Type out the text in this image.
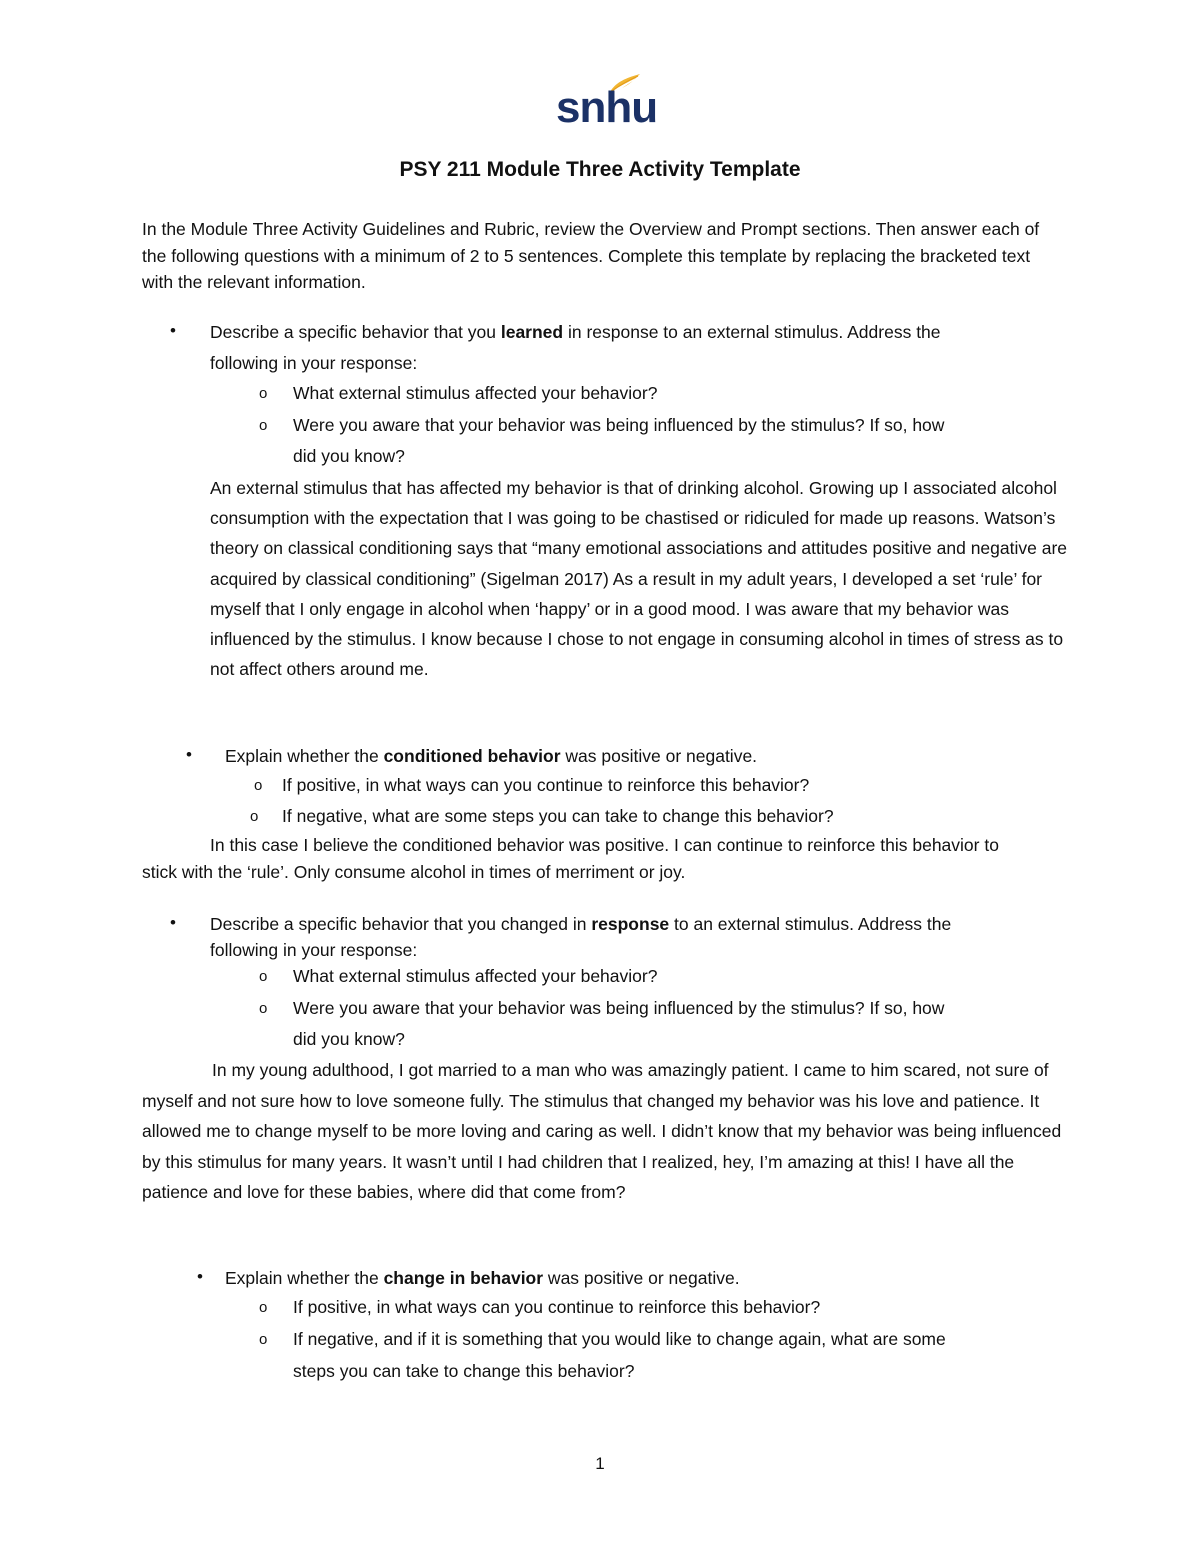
snhu
PSY 211 Module Three Activity Template

In the Module Three Activity Guidelines and Rubric, review the Overview and Prompt sections. Then answer each of the following questions with a minimum of 2 to 5 sentences. Complete this template by replacing the bracketed text with the relevant information.

• Describe a specific behavior that you learned in response to an external stimulus. Address the

following in your response:

o What external stimulus affected your behavior?

o Were you aware that your behavior was being influenced by the stimulus? If so, how

did you know?

An external stimulus that has affected my behavior is that of drinking alcohol. Growing up I associated alcohol consumption with the expectation that I was going to be chastised or ridiculed for made up reasons. Watson’s theory on classical conditioning says that “many emotional associations and attitudes positive and negative are acquired by classical conditioning” (Sigelman 2017) As a result in my adult years, I developed a set ‘rule’ for myself that I only engage in alcohol when ‘happy’ or in a good mood. I was aware that my behavior was influenced by the stimulus. I know because I chose to not engage in consuming alcohol in times of stress as to not affect others around me.

• Explain whether the conditioned behavior was positive or negative.

o If positive, in what ways can you continue to reinforce this behavior?

o If negative, what are some steps you can take to change this behavior?

In this case I believe the conditioned behavior was positive. I can continue to reinforce this behavior to stick with the ‘rule’. Only consume alcohol in times of merriment or joy.

• Describe a specific behavior that you changed in response to an external stimulus. Address the

following in your response:

o What external stimulus affected your behavior?

o Were you aware that your behavior was being influenced by the stimulus? If so, how

did you know?

In my young adulthood, I got married to a man who was amazingly patient. I came to him scared, not sure of myself and not sure how to love someone fully. The stimulus that changed my behavior was his love and patience. It allowed me to change myself to be more loving and caring as well. I didn’t know that my behavior was being influenced by this stimulus for many years. It wasn’t until I had children that I realized, hey, I’m amazing at this! I have all the patience and love for these babies, where did that come from?

• Explain whether the change in behavior was positive or negative.

o If positive, in what ways can you continue to reinforce this behavior?

o If negative, and if it is something that you would like to change again, what are some

steps you can take to change this behavior?

1
